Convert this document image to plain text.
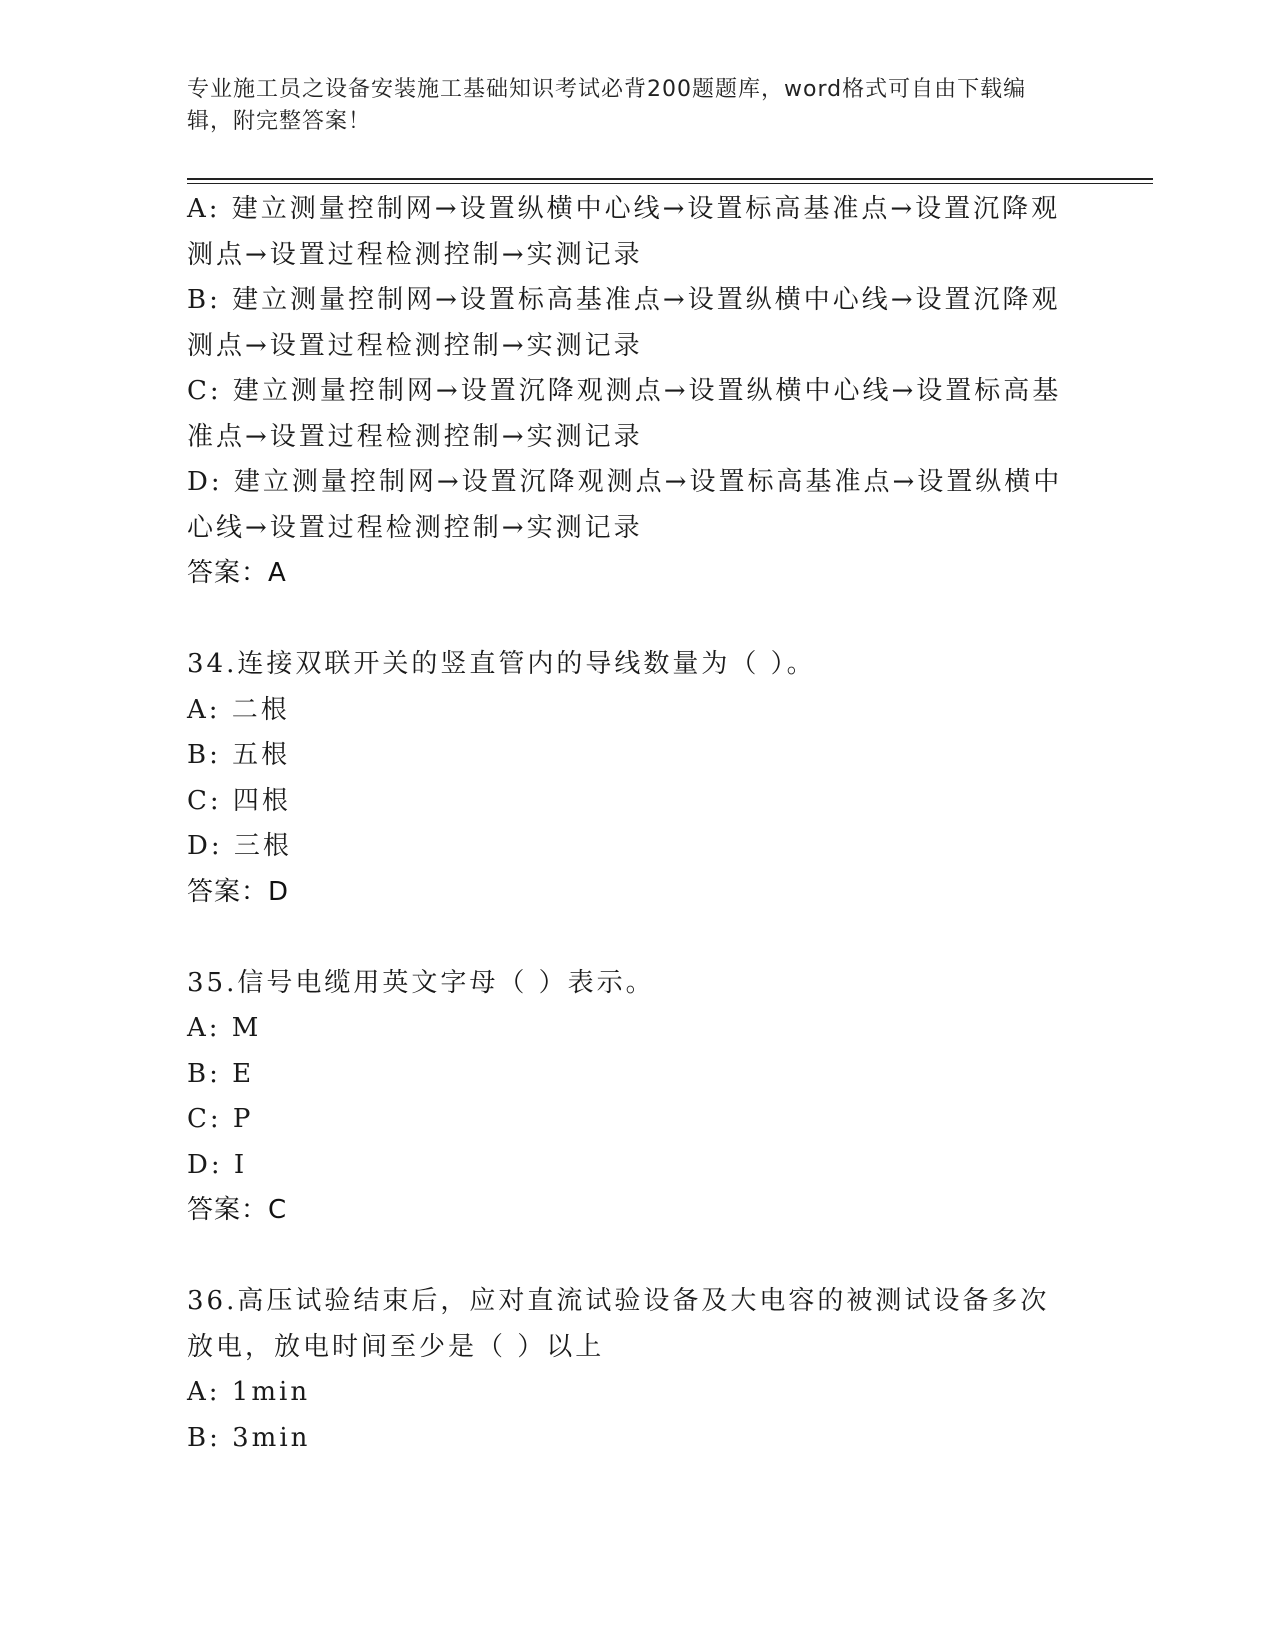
专业施工员之设备安装施工基础知识考试必背200题题库，word格式可自由下载编辑，附完整答案！

A: 建立测量控制网→设置纵横中心线→设置标高基准点→设置沉降观测点→设置过程检测控制→实测记录

B: 建立测量控制网→设置标高基准点→设置纵横中心线→设置沉降观测点→设置过程检测控制→实测记录

C: 建立测量控制网→设置沉降观测点→设置纵横中心线→设置标高基准点→设置过程检测控制→实测记录

D: 建立测量控制网→设置沉降观测点→设置标高基准点→设置纵横中心线→设置过程检测控制→实测记录

答案：A

34.连接双联开关的竖直管内的导线数量为（ ）。

A: 二根

B: 五根

C: 四根

D: 三根

答案：D

35.信号电缆用英文字母（ ）表示。

A: M

B: E

C: P

D: I

答案：C

36.高压试验结束后，应对直流试验设备及大电容的被测试设备多次放电，放电时间至少是（ ）以上

A: 1min

B: 3min
